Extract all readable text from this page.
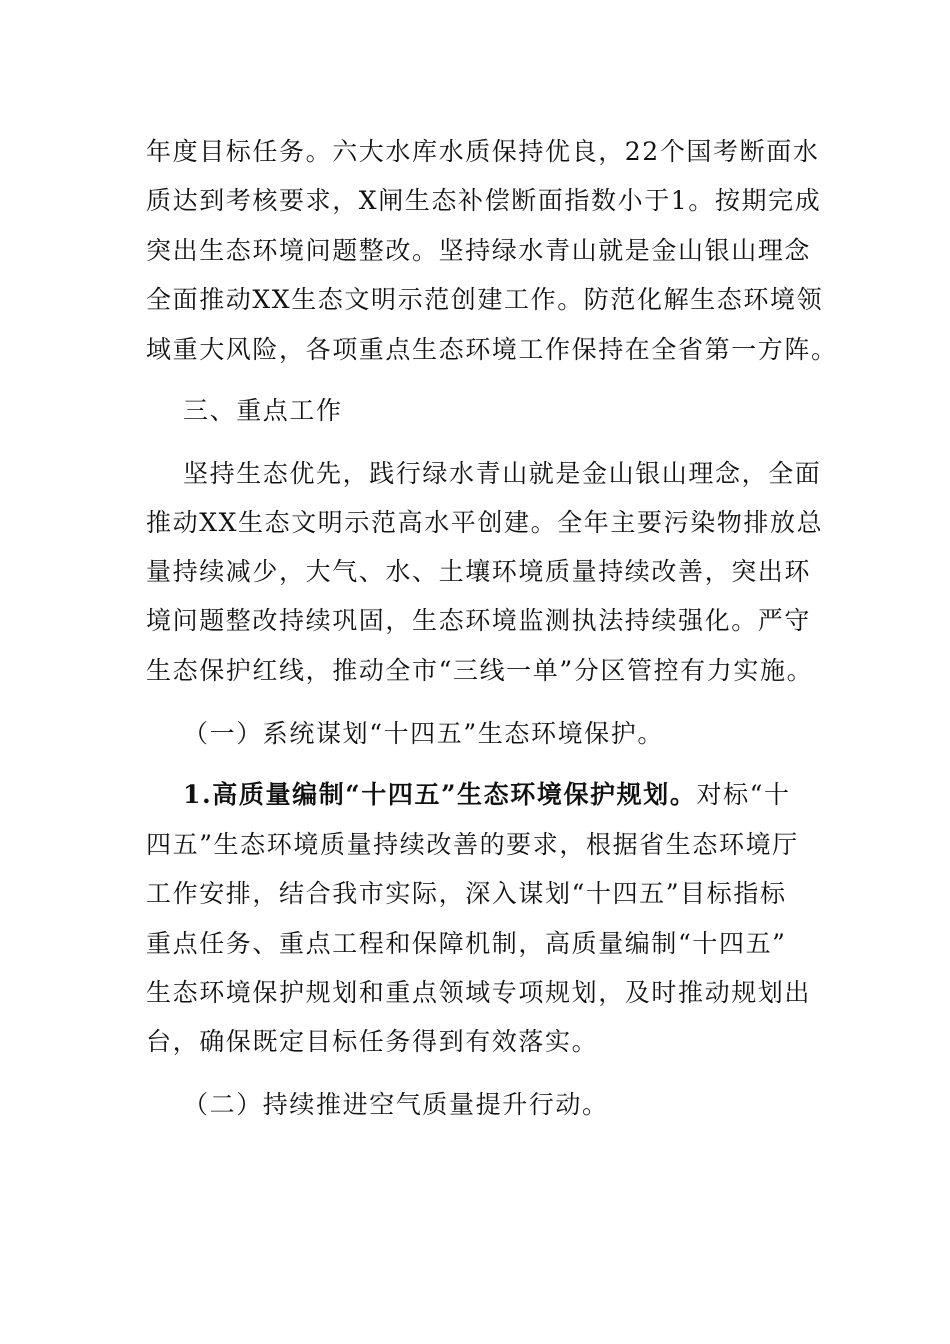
年度目标任务。六大水库水质保持优良，22个国考断面水
质达到考核要求，X闸生态补偿断面指数小于1。按期完成
突出生态环境问题整改。坚持绿水青山就是金山银山理念
全面推动XX生态文明示范创建工作。防范化解生态环境领
域重大风险，各项重点生态环境工作保持在全省第一方阵。
三、重点工作
坚持生态优先，践行绿水青山就是金山银山理念，全面
推动XX生态文明示范高水平创建。全年主要污染物排放总
量持续减少，大气、水、土壤环境质量持续改善，突出环
境问题整改持续巩固，生态环境监测执法持续强化。严守
生态保护红线，推动全市“三线一单”分区管控有力实施。
（一）系统谋划“十四五”生态环境保护。
1.高质量编制“十四五”生态环境保护规划。对标“十
四五”生态环境质量持续改善的要求，根据省生态环境厅
工作安排，结合我市实际，深入谋划“十四五”目标指标
重点任务、重点工程和保障机制，高质量编制“十四五”
生态环境保护规划和重点领域专项规划，及时推动规划出
台，确保既定目标任务得到有效落实。
（二）持续推进空气质量提升行动。
